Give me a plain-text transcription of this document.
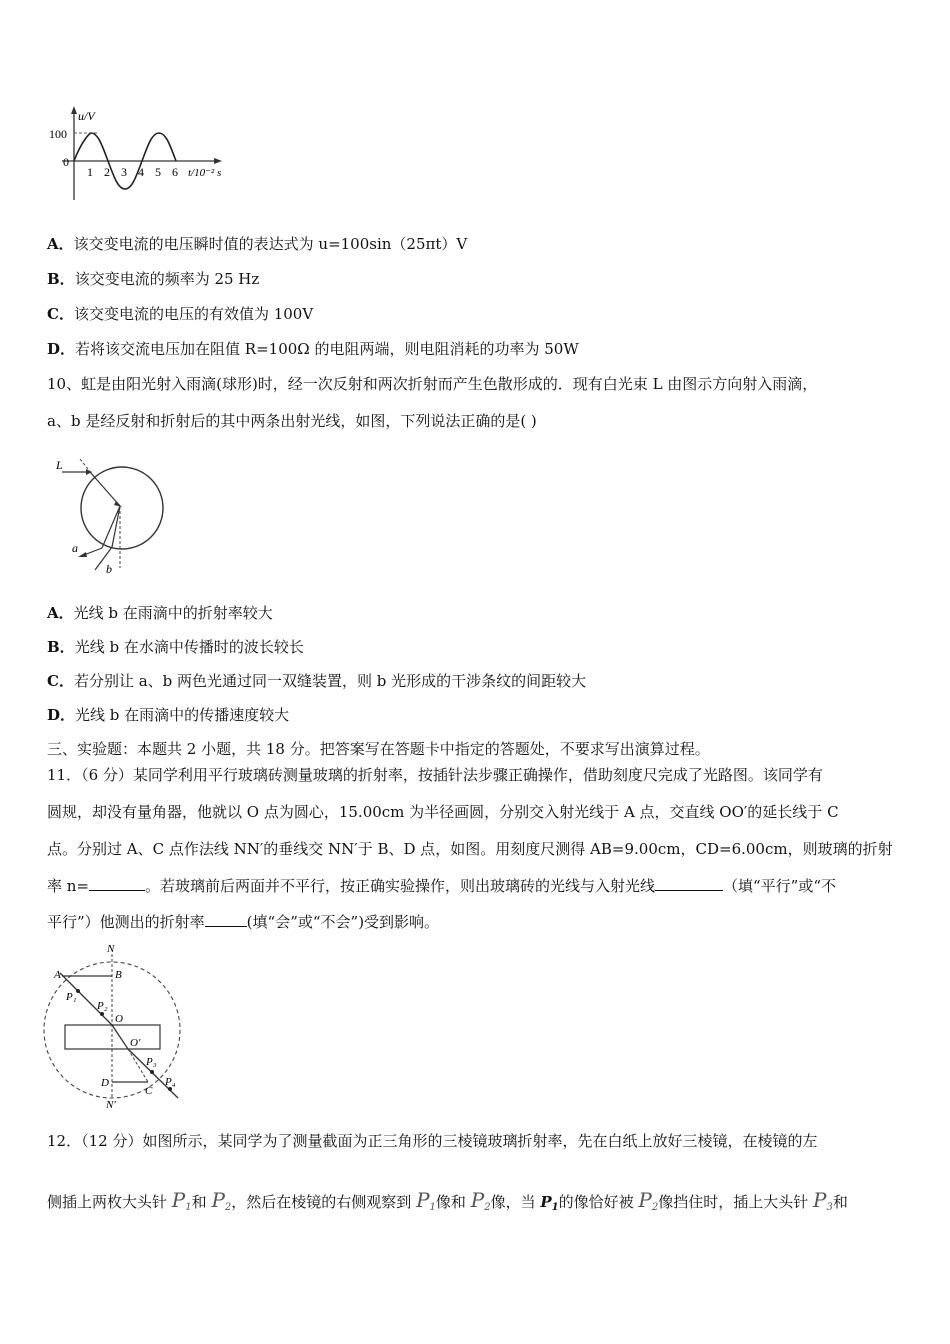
u/V
100
0
1 2 3 4 5 6 t/10⁻² s
A．该交变电流的电压瞬时值的表达式为 u=100sin（25πt）V
B．该交变电流的频率为 25 Hz
C．该交变电流的电压的有效值为 100V
D．若将该交流电压加在阻值 R=100Ω 的电阻两端，则电阻消耗的功率为 50W
10、虹是由阳光射入雨滴(球形)时，经一次反射和两次折射而产生色散形成的．现有白光束 L 由图示方向射入雨滴，
a、b 是经反射和折射后的其中两条出射光线，如图，下列说法正确的是( )
L
a
b
A．光线 b 在雨滴中的折射率较大
B．光线 b 在水滴中传播时的波长较长
C．若分别让 a、b 两色光通过同一双缝装置，则 b 光形成的干涉条纹的间距较大
D．光线 b 在雨滴中的传播速度较大
三、实验题：本题共 2 小题，共 18 分。把答案写在答题卡中指定的答题处，不要求写出演算过程。
11．（6 分）某同学利用平行玻璃砖测量玻璃的折射率，按插针法步骤正确操作，借助刻度尺完成了光路图。该同学有
圆规，却没有量角器，他就以 O 点为圆心，15.00cm 为半径画圆，分别交入射光线于 A 点，交直线 OO′的延长线于 C
点。分别过 A、C 点作法线 NN′的垂线交 NN′于 B、D 点，如图。用刻度尺测得 AB=9.00cm，CD=6.00cm，则玻璃的折射
率 n=	。若玻璃前后两面并不平行，按正确实验操作，则出玻璃砖的光线与入射光线	（填“平行”或“不
平行”）他测出的折射率	(填“会”或“不会”)受到影响。
N
A	B
P₁
P₂
O
O′
P₃
P₄
D
C
N′
12．（12 分）如图所示，某同学为了测量截面为正三角形的三棱镜玻璃折射率，先在白纸上放好三棱镜，在棱镜的左
侧插上两枚大头针 $P_1$和 $P_2$，然后在棱镜的右侧观察到 $P_1$像和 $P_2$像，当 $P_1$的像恰好被 $P_2$像挡住时，插上大头针 $P_3$和
